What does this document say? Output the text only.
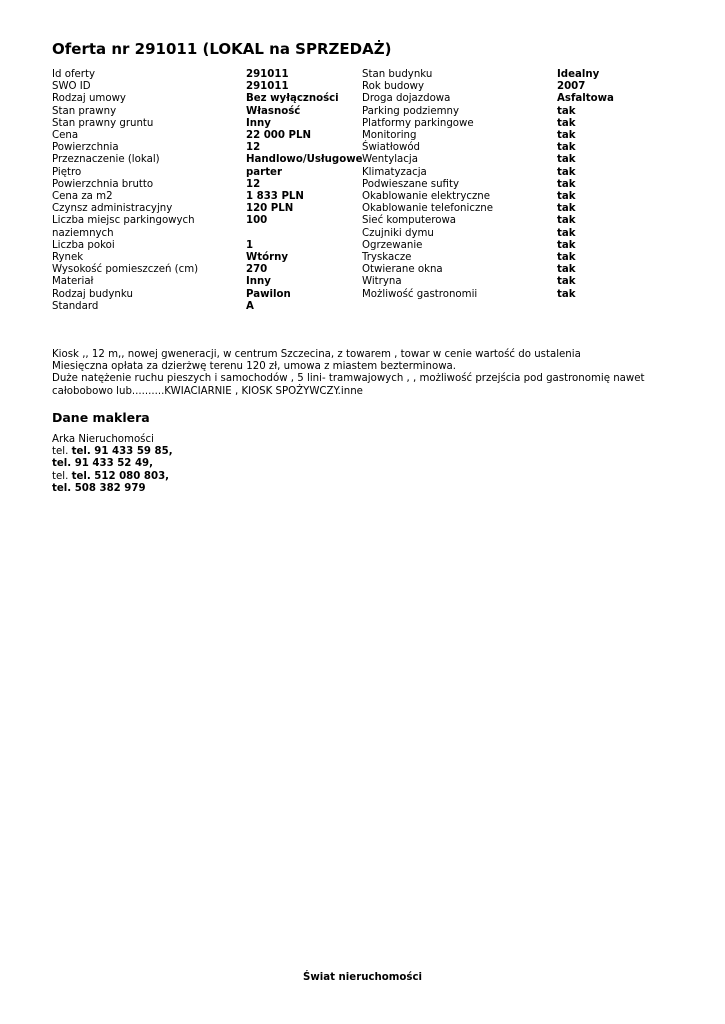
Oferta nr 291011 (LOKAL na SPRZEDAŻ)
Id oferty	291011
SWO ID	291011
Rodzaj umowy	Bez wyłączności
Stan prawny	Własność
Stan prawny gruntu	Inny
Cena	22 000 PLN
Powierzchnia	12
Przeznaczenie (lokal)	Handlowo/Usługowe
Piętro	parter
Powierzchnia brutto	12
Cena za m2	1 833 PLN
Czynsz administracyjny	120 PLN
Liczba miejsc parkingowych naziemnych	100
Liczba pokoi	1
Rynek	Wtórny
Wysokość pomieszczeń (cm)	270
Materiał	Inny
Rodzaj budynku	Pawilon
Standard	A
Stan budynku	Idealny
Rok budowy	2007
Droga dojazdowa	Asfaltowa
Parking podziemny	tak
Platformy parkingowe	tak
Monitoring	tak
Światłowód	tak
Wentylacja	tak
Klimatyzacja	tak
Podwieszane sufity	tak
Okablowanie elektryczne	tak
Okablowanie telefoniczne	tak
Sieć komputerowa	tak
Czujniki dymu	tak
Ogrzewanie	tak
Tryskacze	tak
Otwierane okna	tak
Witryna	tak
Możliwość gastronomii	tak
Kiosk ,, 12 m,, nowej gweneracji, w centrum Szczecina, z towarem , towar w cenie wartość do ustalenia
Miesięczna opłata za dzierżwę terenu 120 zł, umowa z miastem bezterminowa.
Duże natężenie ruchu pieszych i samochodów , 5 lini- tramwajowych , , możliwość przejścia pod gastronomię nawet
całobobowo lub..........KWIACIARNIE , KIOSK SPOŻYWCZY.inne
Dane maklera
Arka Nieruchomości
tel. tel. 91 433 59 85,
tel. 91 433 52 49,
tel. tel. 512 080 803,
tel. 508 382 979
Świat nieruchomości
